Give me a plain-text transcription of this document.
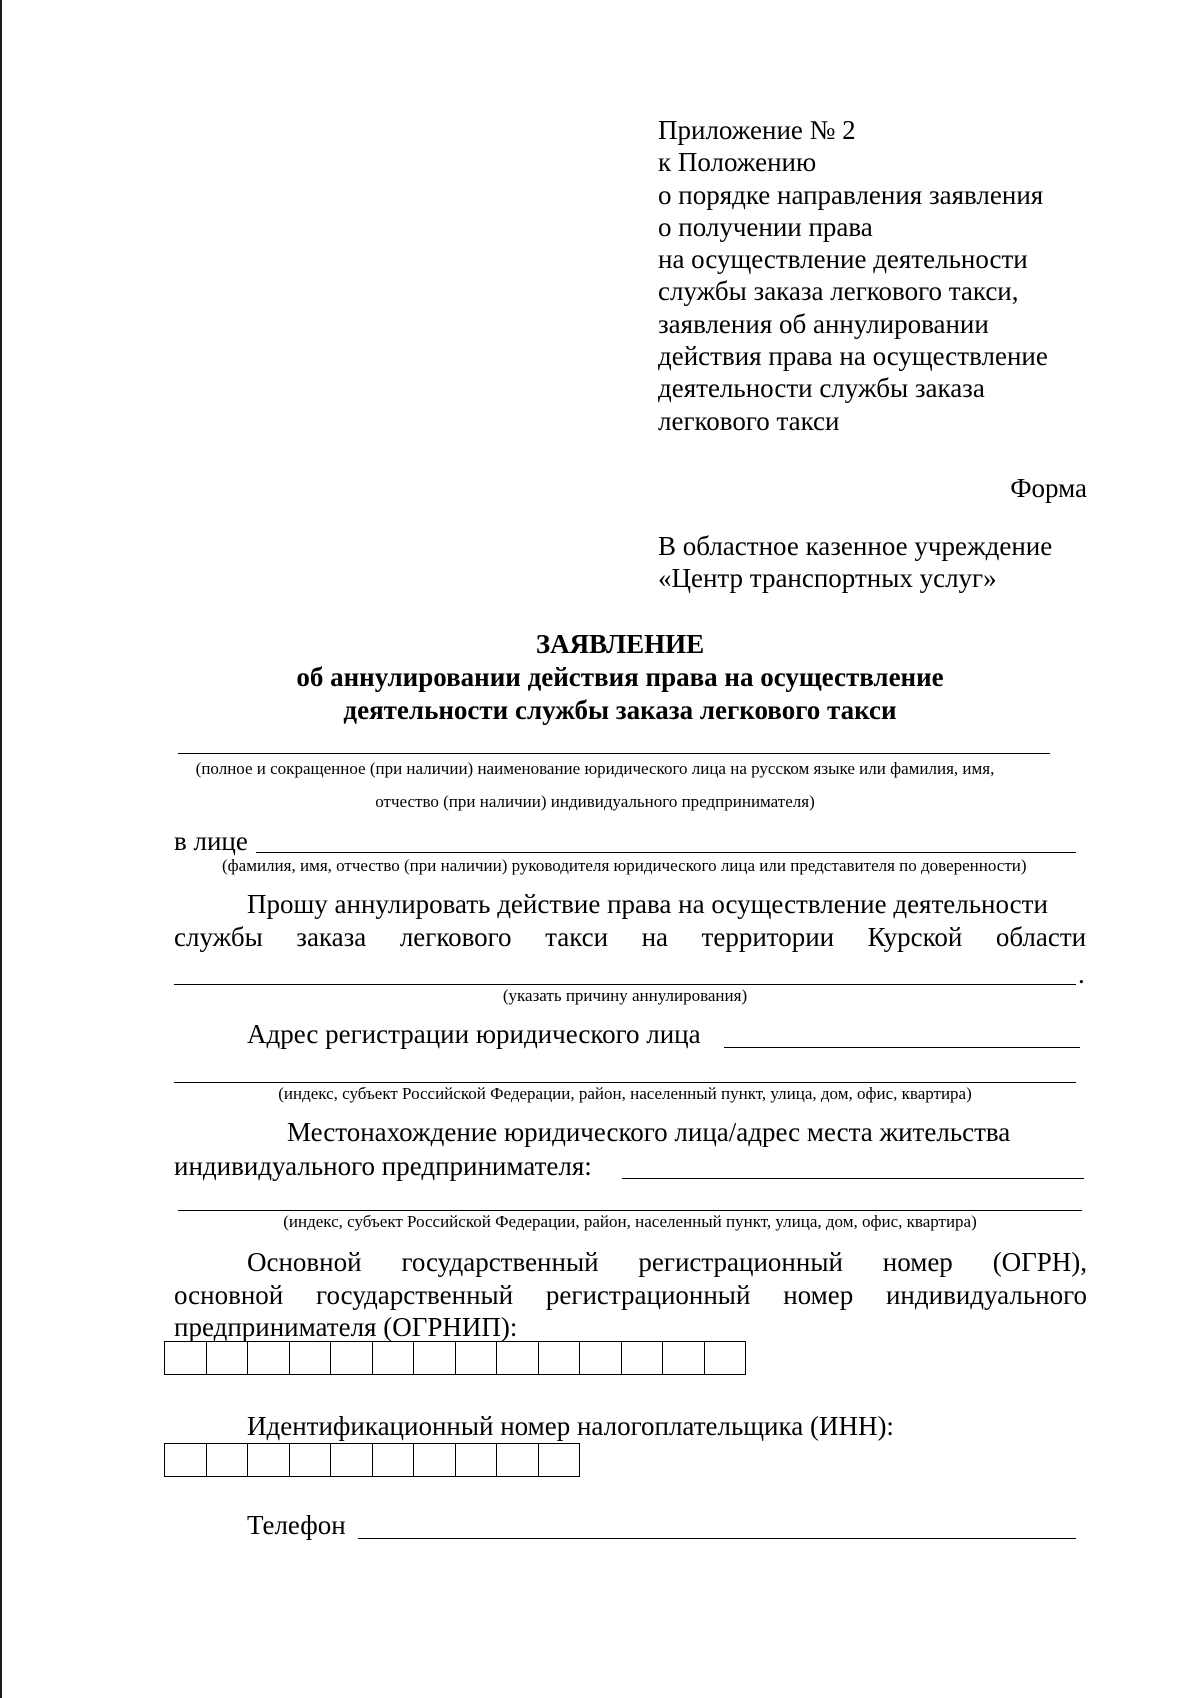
Приложение № 2
к Положению
о порядке направления заявления
о получении права
на осуществление деятельности
службы заказа легкового такси,
заявления об аннулировании
действия права на осуществление
деятельности службы заказа
легкового такси
Форма
В областное казенное учреждение
«Центр транспортных услуг»
ЗАЯВЛЕНИЕ
об аннулировании действия права на осуществление
деятельности службы заказа легкового такси
(полное и сокращенное (при наличии) наименование юридического лица на русском языке или фамилия, имя,
отчество (при наличии) индивидуального предпринимателя)
в лице
(фамилия, имя, отчество (при наличии) руководителя юридического лица или представителя по доверенности)
Прошу аннулировать действие права на осуществление деятельности
службы заказа легкового такси на территории Курской области
.
(указать причину аннулирования)
Адрес регистрации юридического лица
(индекс, субъект Российской Федерации, район, населенный пункт, улица, дом, офис, квартира)
Местонахождение юридического лица/адрес места жительства
индивидуального предпринимателя:
(индекс, субъект Российской Федерации, район, населенный пункт, улица, дом, офис, квартира)
Основной государственный регистрационный номер (ОГРН),
основной государственный регистрационный номер индивидуального
предпринимателя (ОГРНИП):
Идентификационный номер налогоплательщика (ИНН):
Телефон
